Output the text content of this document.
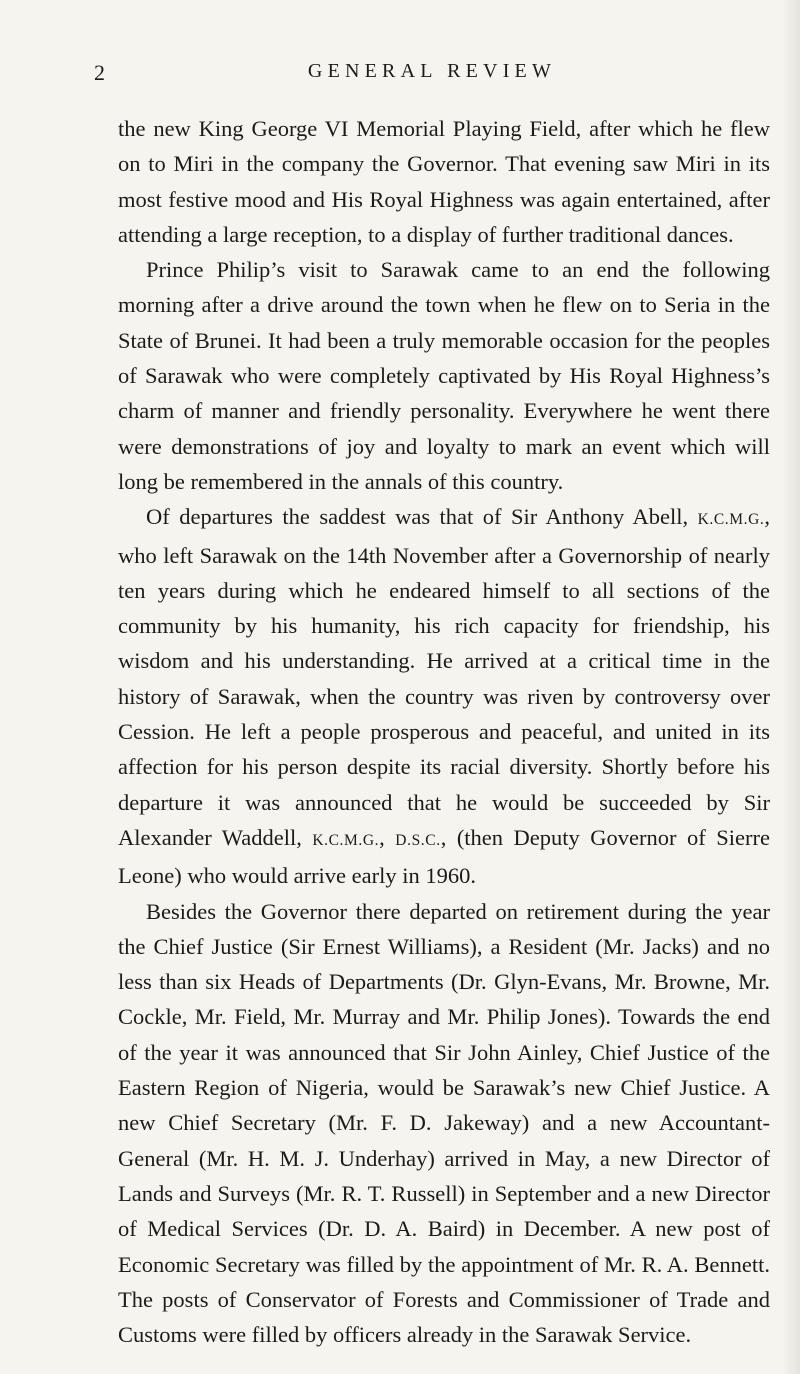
2	GENERAL REVIEW

the new King George VI Memorial Playing Field, after which he flew on to Miri in the company the Governor. That evening saw Miri in its most festive mood and His Royal Highness was again entertained, after attending a large reception, to a display of further traditional dances.

Prince Philip’s visit to Sarawak came to an end the following morning after a drive around the town when he flew on to Seria in the State of Brunei. It had been a truly memorable occasion for the peoples of Sarawak who were completely captivated by His Royal Highness’s charm of manner and friendly personality. Everywhere he went there were demonstrations of joy and loyalty to mark an event which will long be remembered in the annals of this country.

Of departures the saddest was that of Sir Anthony Abell, K.C.M.G., who left Sarawak on the 14th November after a Governorship of nearly ten years during which he endeared himself to all sections of the community by his humanity, his rich capacity for friendship, his wisdom and his understanding. He arrived at a critical time in the history of Sarawak, when the country was riven by controversy over Cession. He left a people prosperous and peaceful, and united in its affection for his person despite its racial diversity. Shortly before his departure it was announced that he would be succeeded by Sir Alexander Waddell, K.C.M.G., D.S.C., (then Deputy Governor of Sierre Leone) who would arrive early in 1960.

Besides the Governor there departed on retirement during the year the Chief Justice (Sir Ernest Williams), a Resident (Mr. Jacks) and no less than six Heads of Departments (Dr. Glyn-Evans, Mr. Browne, Mr. Cockle, Mr. Field, Mr. Murray and Mr. Philip Jones). Towards the end of the year it was announced that Sir John Ainley, Chief Justice of the Eastern Region of Nigeria, would be Sarawak’s new Chief Justice. A new Chief Secretary (Mr. F. D. Jakeway) and a new Accountant-General (Mr. H. M. J. Underhay) arrived in May, a new Director of Lands and Surveys (Mr. R. T. Russell) in September and a new Director of Medical Services (Dr. D. A. Baird) in December. A new post of Economic Secretary was filled by the appointment of Mr. R. A. Bennett. The posts of Conservator of Forests and Commissioner of Trade and Customs were filled by officers already in the Sarawak Service.
